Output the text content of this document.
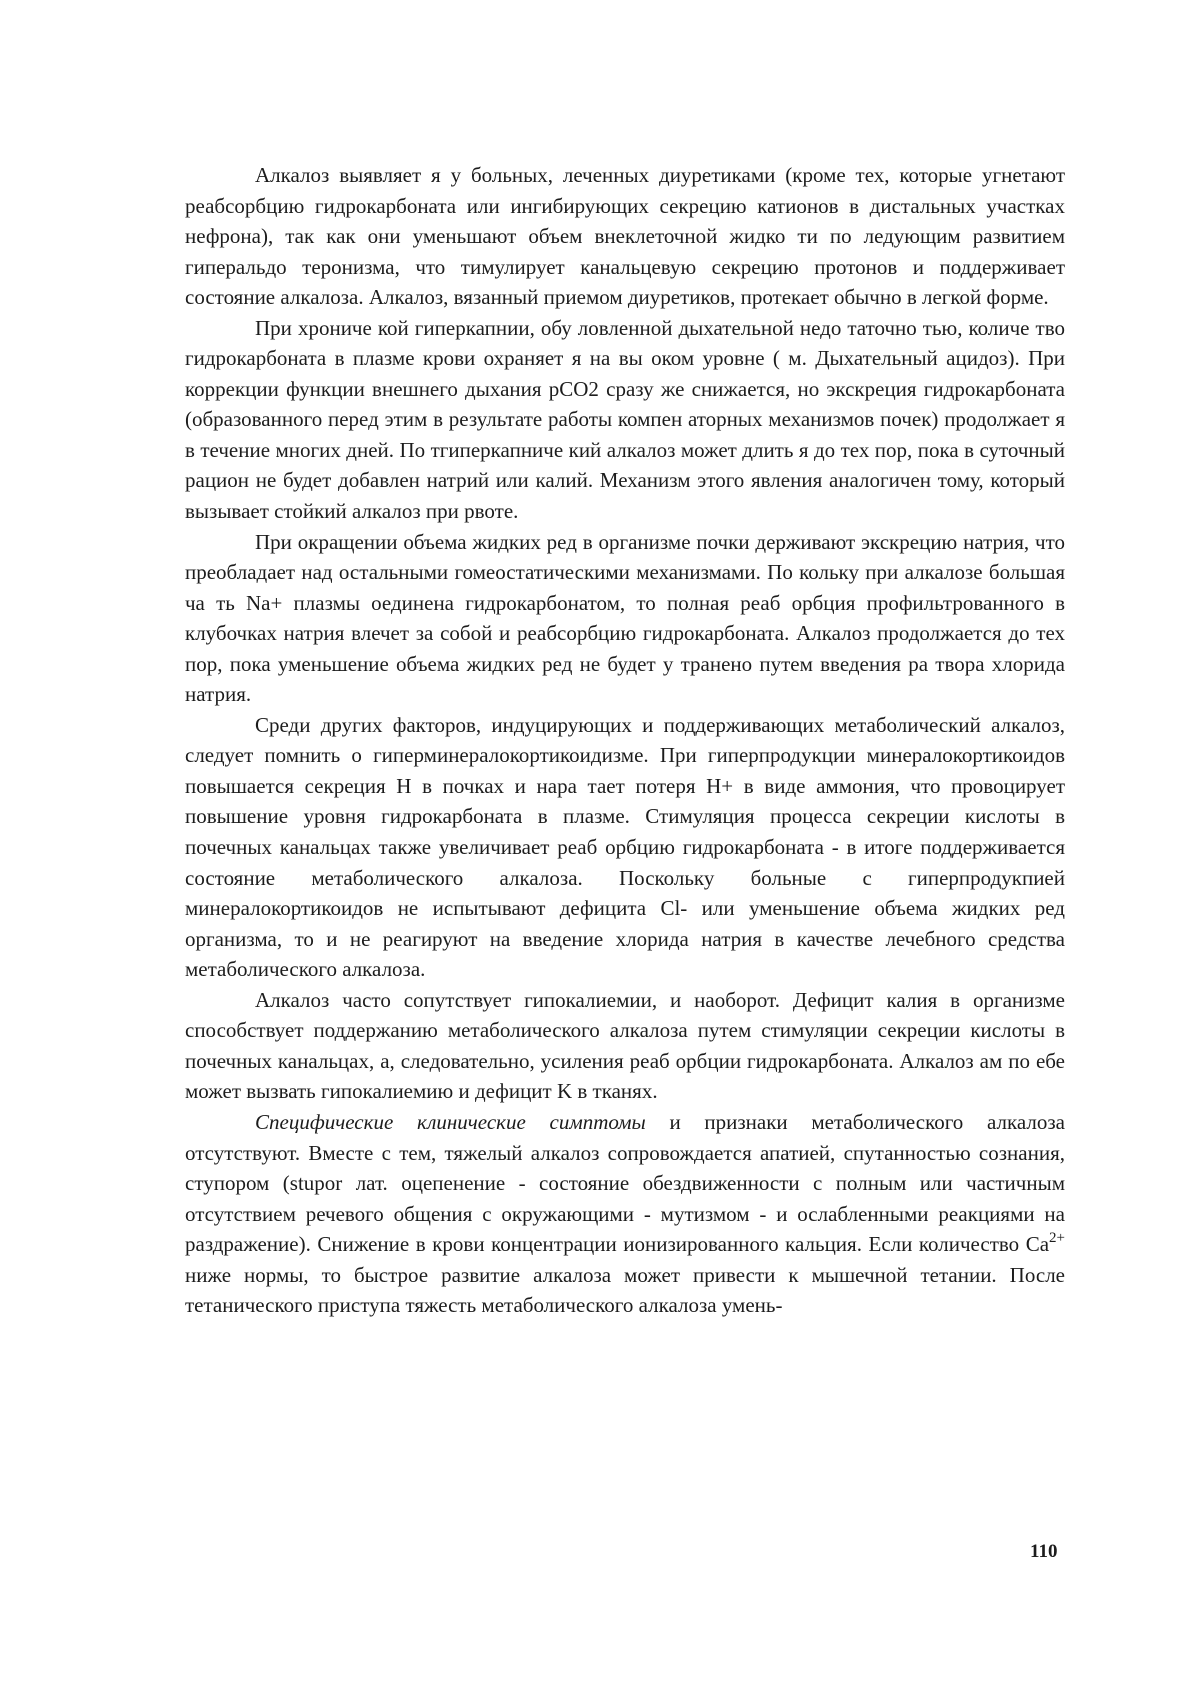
Алкалоз выявляет я у больных, леченных диуретиками (кроме тех, которые угнетают реабсорбцию гидрокарбоната или ингибирующих секрецию катионов в дистальных участках нефрона), так как они уменьшают объем внеклеточной жидко ти по ледующим развитием гиперальдо теронизма, что тимулирует канальцевую секрецию протонов и поддерживает состояние алкалоза. Алкалоз, вязанный приемом диуретиков, протекает обычно в легкой форме.

При хрониче кой гиперкапнии, обу ловленной дыхательной недо таточно тью, количе тво гидрокарбоната в плазме крови охраняет я на вы оком уровне ( м. Дыхательный ацидоз). При коррекции функции внешнего дыхания pCO2 сразу же снижается, но экскреция гидрокарбоната (образованного перед этим в результате работы компен аторных механизмов почек) продолжает я в течение многих дней. По тгиперкапниче кий алкалоз может длить я до тех пор, пока в суточный рацион не будет добавлен натрий или калий. Механизм этого явления аналогичен тому, который вызывает стойкий алкалоз при рвоте.

При окращении объема жидких ред в организме почки держивают экскрецию натрия, что преобладает над остальными гомеостатическими механизмами. По кольку при алкалозе большая ча ть Na+ плазмы оединена гидрокарбонатом, то полная реаб орбция профильтрованного в клубочках натрия влечет за собой и реабсорбцию гидрокарбоната. Алкалоз продолжается до тех пор, пока уменьшение объема жидких ред не будет у транено путем введения ра твора хлорида натрия.

Среди других факторов, индуцирующих и поддерживающих метаболический алкалоз, следует помнить о гиперминералокортикоидизме. При гиперпродукции минералокортикоидов повышается секреция H в почках и нара тает потеря H+ в виде аммония, что провоцирует повышение уровня гидрокарбоната в плазме. Стимуляция процесса секреции кислоты в почечных канальцах также увеличивает реаб орбцию гидрокарбоната - в итоге поддерживается состояние метаболического алкалоза. Поскольку больные с гиперпродукпией минералокортикоидов не испытывают дефицита Cl- или уменьшение объема жидких ред организма, то и не реагируют на введение хлорида натрия в качестве лечебного средства метаболического алкалоза.

Алкалоз часто сопутствует гипокалиемии, и наоборот. Дефицит калия в организме способствует поддержанию метаболического алкалоза путем стимуляции секреции кислоты в почечных канальцах, а, следовательно, усиления реаб орбции гидрокарбоната. Алкалоз ам по ебе может вызвать гипокалиемию и дефицит K в тканях.

Специфические клинические симптомы и признаки метаболического алкалоза отсутствуют. Вместе с тем, тяжелый алкалоз сопровождается апатией, спутанностью сознания, ступором (stupor лат. оцепенение - состояние обездвиженности с полным или частичным отсутствием речевого общения с окружающими - мутизмом - и ослабленными реакциями на раздражение). Снижение в крови концентрации ионизированного кальция. Если количество $Ca^{2+}$ ниже нормы, то быстрое развитие алкалоза может привести к мышечной тетании. После тетанического приступа тяжесть метаболического алкалоза умень-

110
